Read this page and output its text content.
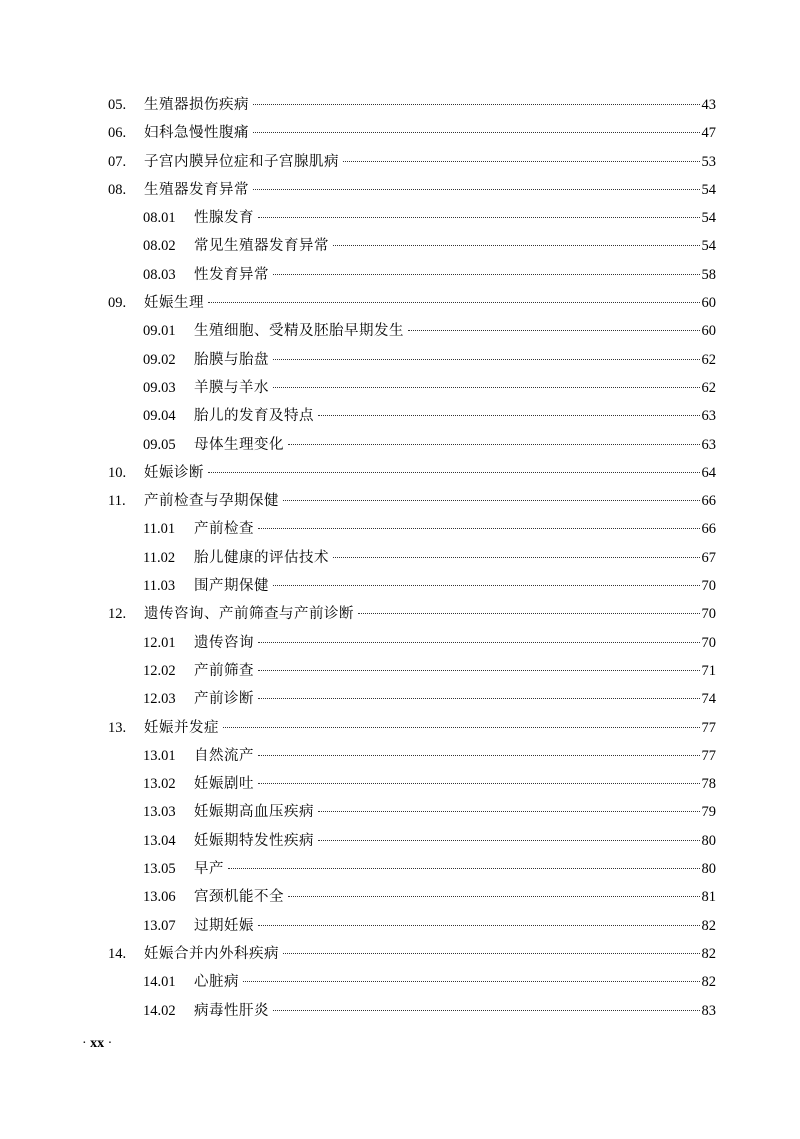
05.	生殖器损伤疾病	43
06.	妇科急慢性腹痛	47
07.	子宫内膜异位症和子宫腺肌病	53
08.	生殖器发育异常	54
08.01	性腺发育	54
08.02	常见生殖器发育异常	54
08.03	性发育异常	58
09.	妊娠生理	60
09.01	生殖细胞、受精及胚胎早期发生	60
09.02	胎膜与胎盘	62
09.03	羊膜与羊水	62
09.04	胎儿的发育及特点	63
09.05	母体生理变化	63
10.	妊娠诊断	64
11.	产前检查与孕期保健	66
11.01	产前检查	66
11.02	胎儿健康的评估技术	67
11.03	围产期保健	70
12.	遗传咨询、产前筛查与产前诊断	70
12.01	遗传咨询	70
12.02	产前筛查	71
12.03	产前诊断	74
13.	妊娠并发症	77
13.01	自然流产	77
13.02	妊娠剧吐	78
13.03	妊娠期高血压疾病	79
13.04	妊娠期特发性疾病	80
13.05	早产	80
13.06	宫颈机能不全	81
13.07	过期妊娠	82
14.	妊娠合并内外科疾病	82
14.01	心脏病	82
14.02	病毒性肝炎	83
· xx ·
